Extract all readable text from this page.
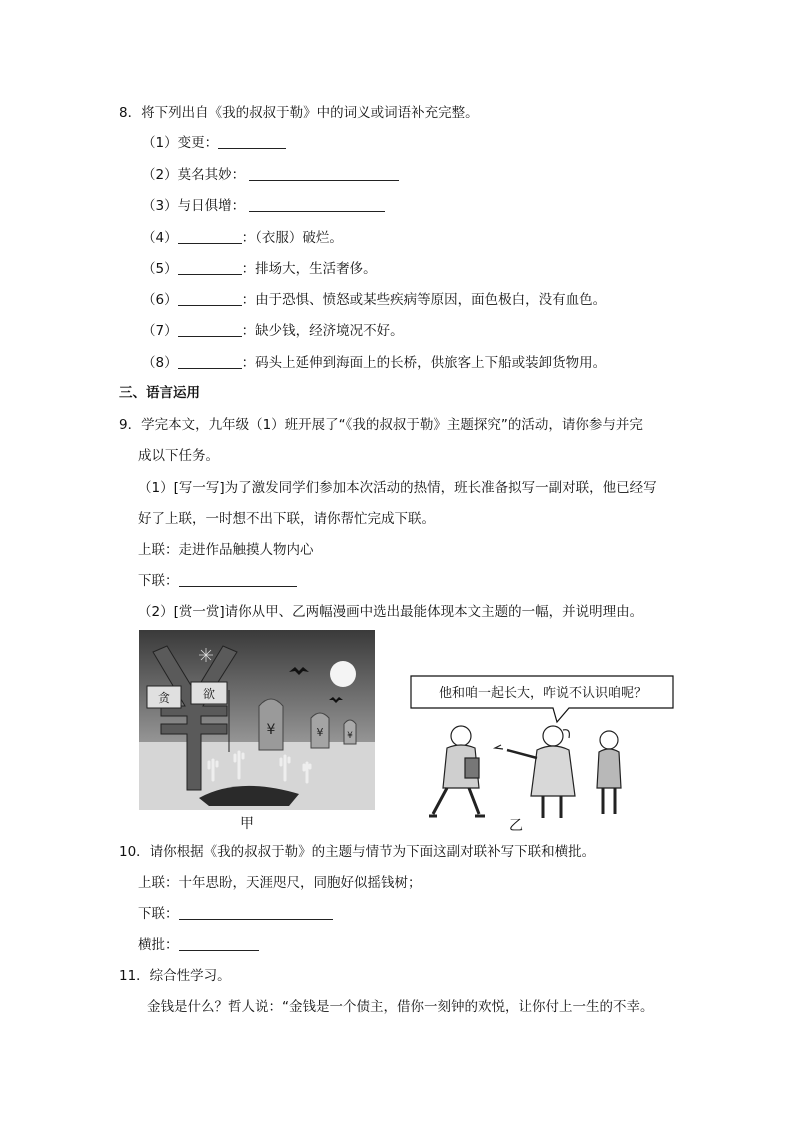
8．将下列出自《我的叔叔于勒》中的词义或词语补充完整。
（1）变更：
（2）莫名其妙：
（3）与日俱增：
（4）	：（衣服）破烂。
（5）	：排场大，生活奢侈。
（6）	：由于恐惧、愤怒或某些疾病等原因，面色极白，没有血色。
（7）	：缺少钱，经济境况不好。
（8）	：码头上延伸到海面上的长桥，供旅客上下船或装卸货物用。
三、语言运用
9．学完本文，九年级（1）班开展了“《我的叔叔于勒》主题探究”的活动，请你参与并完
成以下任务。
（1）[写一写]为了激发同学们参加本次活动的热情，班长准备拟写一副对联，他已经写
好了上联，一时想不出下联，请你帮忙完成下联。
上联：走进作品触摸人物内心
下联：
（2）[赏一赏]请你从甲、乙两幅漫画中选出最能体现本文主题的一幅，并说明理由。
¥	¥	¥
贪	欲	他和咱一起长大，咋说不认识咱呢？
甲	乙
10．请你根据《我的叔叔于勒》的主题与情节为下面这副对联补写下联和横批。
上联：十年思盼，天涯咫尺，同胞好似摇钱树；
下联：
横批：
11．综合性学习。
金钱是什么？哲人说：“金钱是一个债主，借你一刻钟的欢悦，让你付上一生的不幸。
